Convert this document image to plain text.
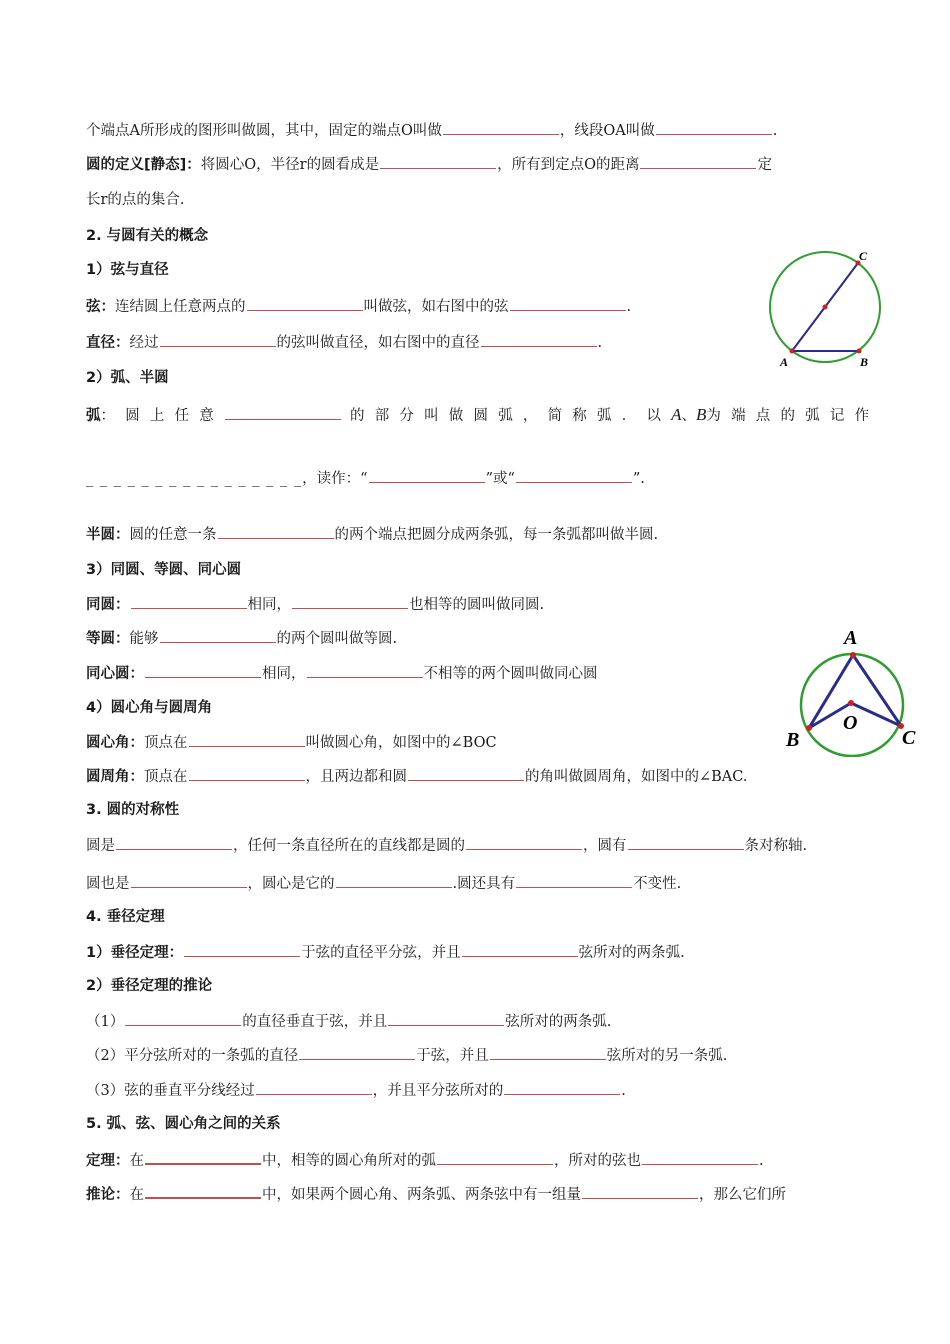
个端点A所形成的图形叫做圆，其中，固定的端点O叫做	，线段OA叫做	.
圆的定义[静态]：将圆心O，半径r的圆看成是	，所有到定点O的距离	定
长r的点的集合.
2. 与圆有关的概念
1）弦与直径
弦：连结圆上任意两点的	叫做弦，如右图中的弦	.
直径：经过	的弦叫做直径，如右图中的直径	.
2）弧、半圆
弧：圆上任意	的部分叫做圆弧，简称弧．以A、B为端点的弧记作
_ _ _ _ _ _ _ _ _ _ _ _ _ _ _ _，读作：“	”或“	”.
半圆：圆的任意一条	的两个端点把圆分成两条弧，每一条弧都叫做半圆.
3）同圆、等圆、同心圆
同圆：	相同，	也相等的圆叫做同圆.
等圆：能够	的两个圆叫做等圆.
同心圆：	相同，	不相等的两个圆叫做同心圆
4）圆心角与圆周角
圆心角：顶点在	叫做圆心角，如图中的∠BOC
圆周角：顶点在	，且两边都和圆	的角叫做圆周角，如图中的∠BAC.
3. 圆的对称性
圆是	，任何一条直径所在的直线都是圆的	，圆有	条对称轴.
圆也是	，圆心是它的	.圆还具有	不变性.
4. 垂径定理
1）垂径定理：	于弦的直径平分弦，并且	弦所对的两条弧.
2）垂径定理的推论
（1）	的直径垂直于弦，并且	弦所对的两条弧.
（2）平分弦所对的一条弧的直径	于弦，并且	弦所对的另一条弧.
（3）弦的垂直平分线经过	，并且平分弦所对的	.
5. 弧、弦、圆心角之间的关系
定理：在	中，相等的圆心角所对的弧	，所对的弦也	.
推论：在	中，如果两个圆心角、两条弧、两条弦中有一组量	，那么它们所
C
A	B
A
O
B	C
